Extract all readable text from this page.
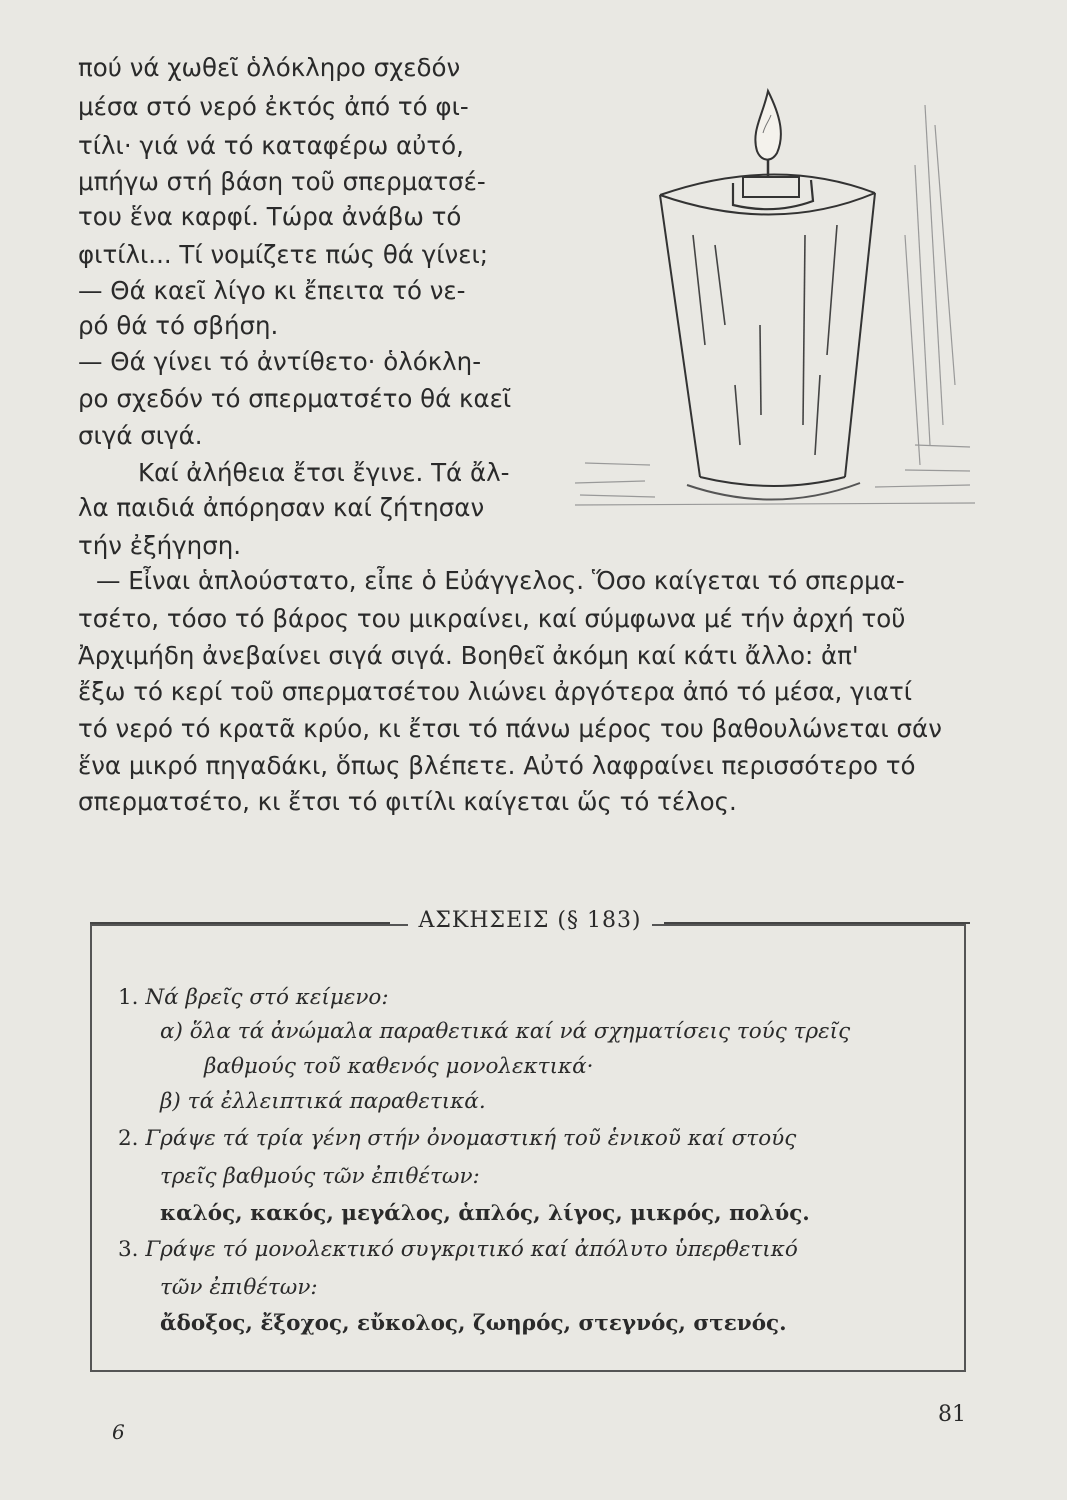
πού νά χωθεῖ ὁλόκληρο σχεδόν
μέσα στό νερό ἐκτός ἀπό τό φι-
τίλι· γιά νά τό καταφέρω αὐτό,
μπήγω στή βάση τοῦ σπερματσέ-
του ἕνα καρφί. Τώρα ἀνάβω τό
φιτίλι... Τί νομίζετε πώς θά γίνει;
— Θά καεῖ λίγο κι ἔπειτα τό νε-
ρό θά τό σβήση.
— Θά γίνει τό ἀντίθετο· ὁλόκλη-
ρο σχεδόν τό σπερματσέτο θά καεῖ
σιγά σιγά.
Καί ἀλήθεια ἔτσι ἔγινε. Τά ἄλ-
λα παιδιά ἀπόρησαν καί ζήτησαν
τήν ἐξήγηση.
— Εἶναι ἁπλούστατο, εἶπε ὁ Εὐάγγελος. Ὅσο καίγεται τό σπερμα-
τσέτο, τόσο τό βάρος του μικραίνει, καί σύμφωνα μέ τήν ἀρχή τοῦ
Ἀρχιμήδη ἀνεβαίνει σιγά σιγά. Βοηθεῖ ἀκόμη καί κάτι ἄλλο: ἀπ'
ἔξω τό κερί τοῦ σπερματσέτου λιώνει ἀργότερα ἀπό τό μέσα, γιατί
τό νερό τό κρατᾶ κρύο, κι ἔτσι τό πάνω μέρος του βαθουλώνεται σάν
ἕνα μικρό πηγαδάκι, ὅπως βλέπετε. Αὐτό λαφραίνει περισσότερο τό
σπερματσέτο, κι ἔτσι τό φιτίλι καίγεται ὥς τό τέλος.
ΑΣΚΗΣΕΙΣ (§ 183)
1. Νά βρεῖς στό κείμενο:
α) ὅλα τά ἀνώμαλα παραθετικά καί νά σχηματίσεις τούς τρεῖς
βαθμούς τοῦ καθενός μονολεκτικά·
β) τά ἐλλειπτικά παραθετικά.
2. Γράψε τά τρία γένη στήν ὀνομαστική τοῦ ἑνικοῦ καί στούς
τρεῖς βαθμούς τῶν ἐπιθέτων:
καλός, κακός, μεγάλος, ἁπλός, λίγος, μικρός, πολύς.
3. Γράψε τό μονολεκτικό συγκριτικό καί ἀπόλυτο ὑπερθετικό
τῶν ἐπιθέτων:
ἄδοξος, ἔξοχος, εὔκολος, ζωηρός, στεγνός, στενός.
6
81
